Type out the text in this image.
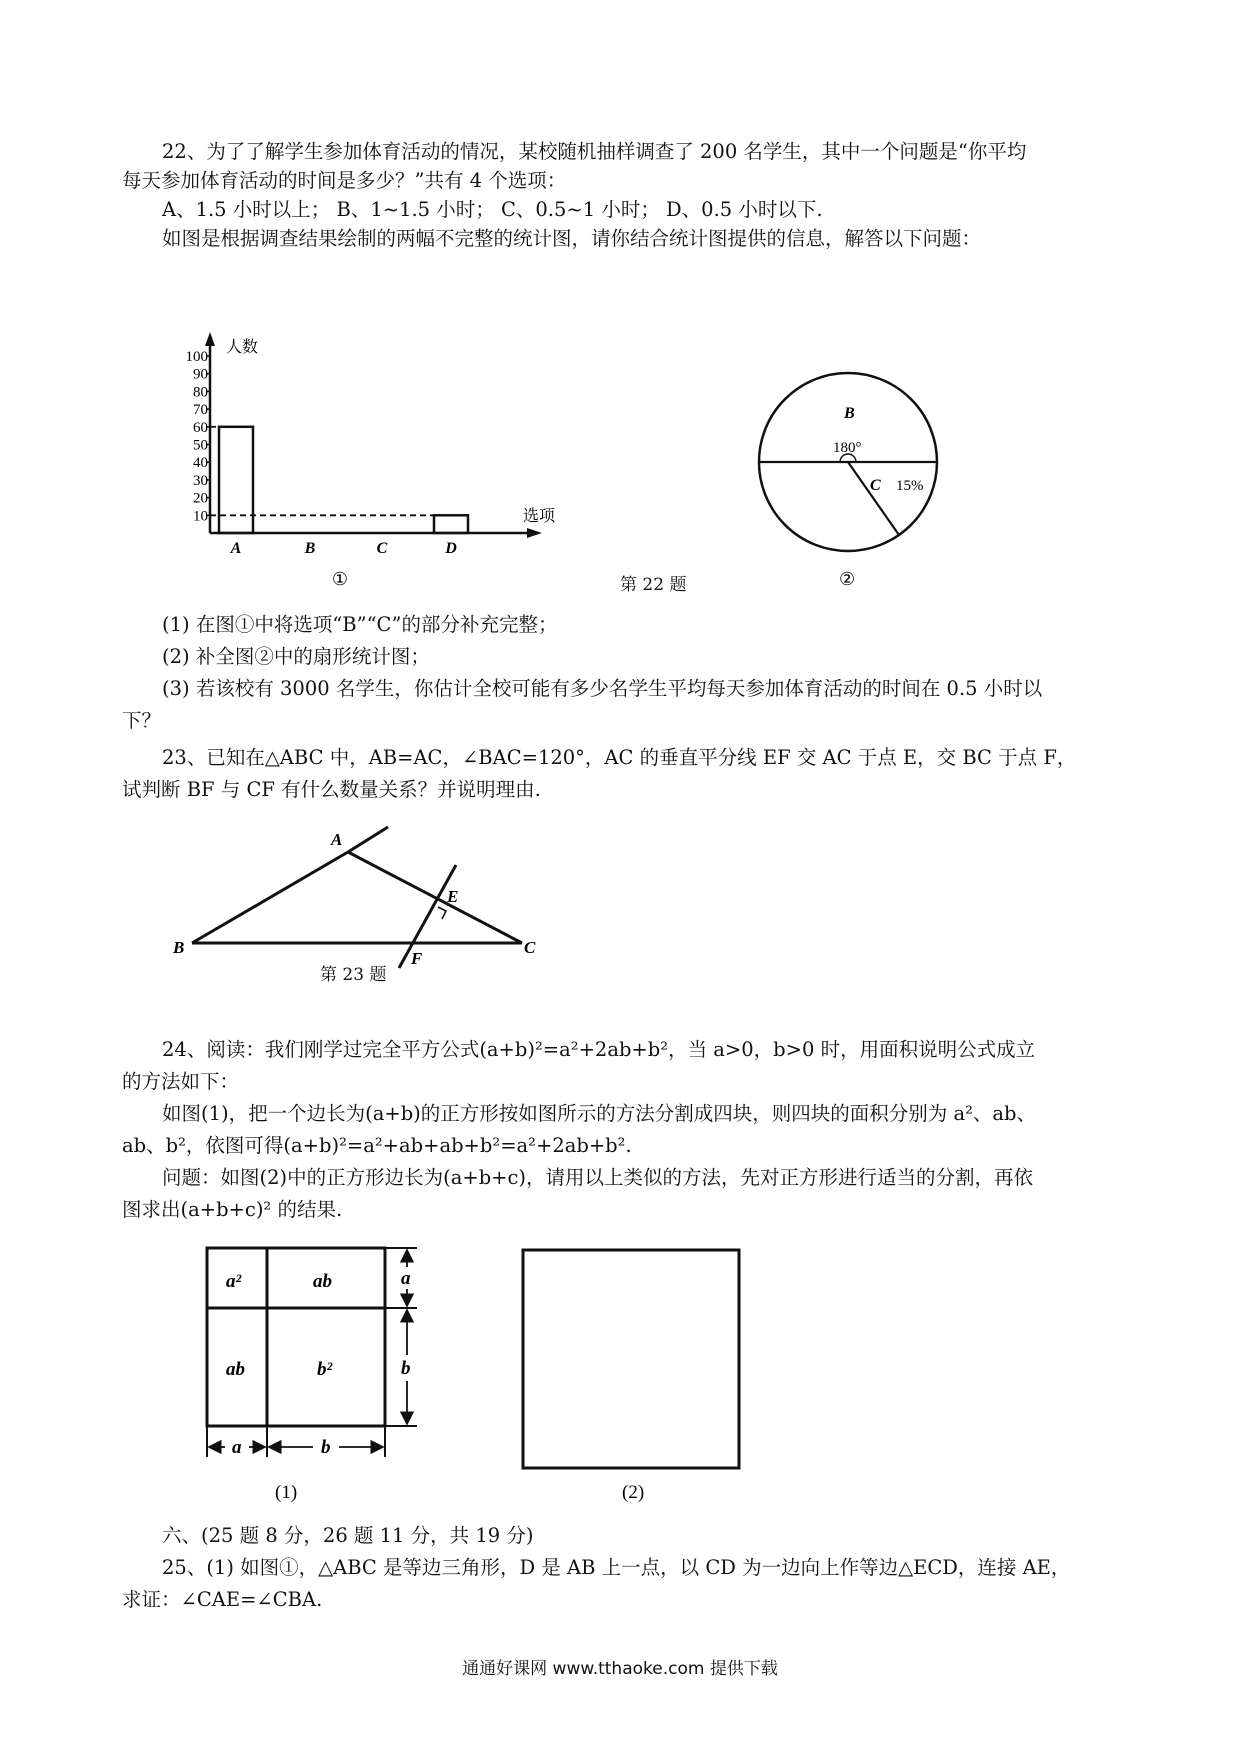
22、为了了解学生参加体育活动的情况，某校随机抽样调查了 200 名学生，其中一个问题是“你平均
每天参加体育活动的时间是多少？”共有 4 个选项：
A、1.5 小时以上； B、1~1.5 小时； C、0.5~1 小时； D、0.5 小时以下.
如图是根据调查结果绘制的两幅不完整的统计图，请你结合统计图提供的信息，解答以下问题：
人数
选项
10
20
30
40
50
60
70
80
90
100
A	B	C	D
①	第 22 题
B
180°
C 15%
②
(1) 在图①中将选项“B”“C”的部分补充完整；
(2) 补全图②中的扇形统计图；
(3) 若该校有 3000 名学生，你估计全校可能有多少名学生平均每天参加体育活动的时间在 0.5 小时以
下？
23、已知在△ABC 中，AB=AC，∠BAC=120°，AC 的垂直平分线 EF 交 AC 于点 E，交 BC 于点 F，
试判断 BF 与 CF 有什么数量关系？并说明理由.
A
B	C
E
F
第 23 题
24、阅读：我们刚学过完全平方公式(a+b)²=a²+2ab+b²，当 a>0，b>0 时，用面积说明公式成立
的方法如下：
如图(1)，把一个边长为(a+b)的正方形按如图所示的方法分割成四块，则四块的面积分别为 a²、ab、
ab、b²，依图可得(a+b)²=a²+ab+ab+b²=a²+2ab+b².
问题：如图(2)中的正方形边长为(a+b+c)，请用以上类似的方法，先对正方形进行适当的分割，再依
图求出(a+b+c)² 的结果.
a²	ab
ab	b²
a
b
a	b
(1)	(2)
六、(25 题 8 分，26 题 11 分，共 19 分)
25、(1) 如图①，△ABC 是等边三角形，D 是 AB 上一点，以 CD 为一边向上作等边△ECD，连接 AE，
求证：∠CAE=∠CBA.
通通好课网 www.tthaoke.com 提供下载
